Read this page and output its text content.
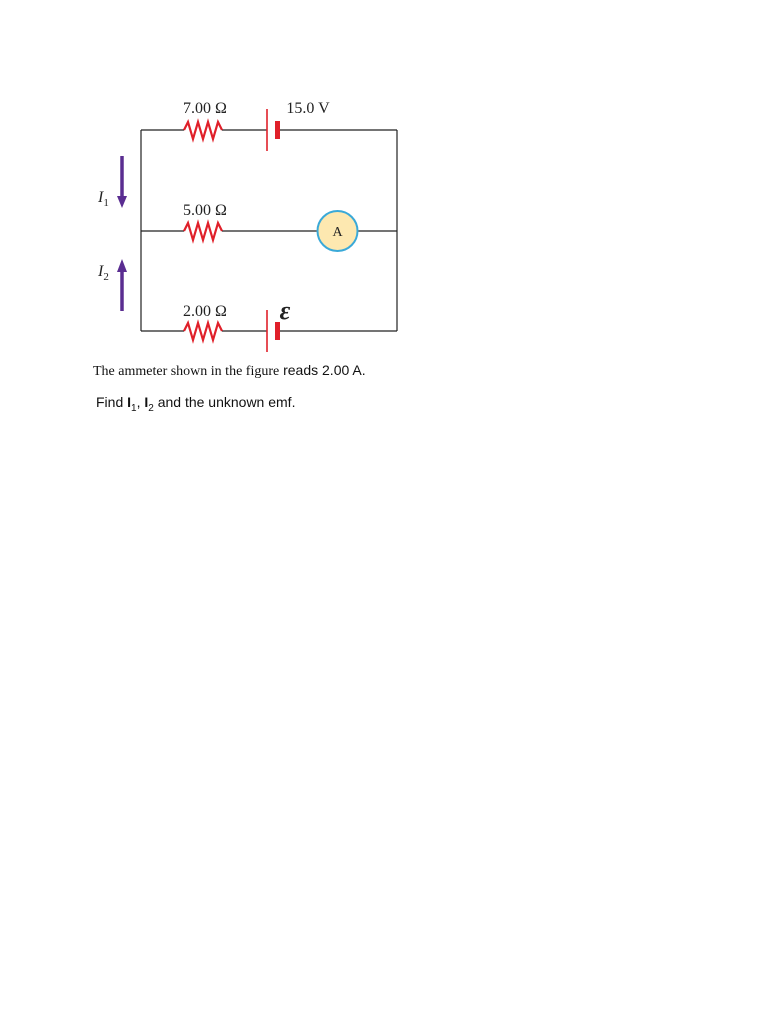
A
7.00 Ω	15.0 V
5.00 Ω
2.00 Ω ε
$I_1$
$I_2$
The ammeter shown in the figure reads 2.00 A.
Find $I_1$, $I_2$ and the unknown emf.
